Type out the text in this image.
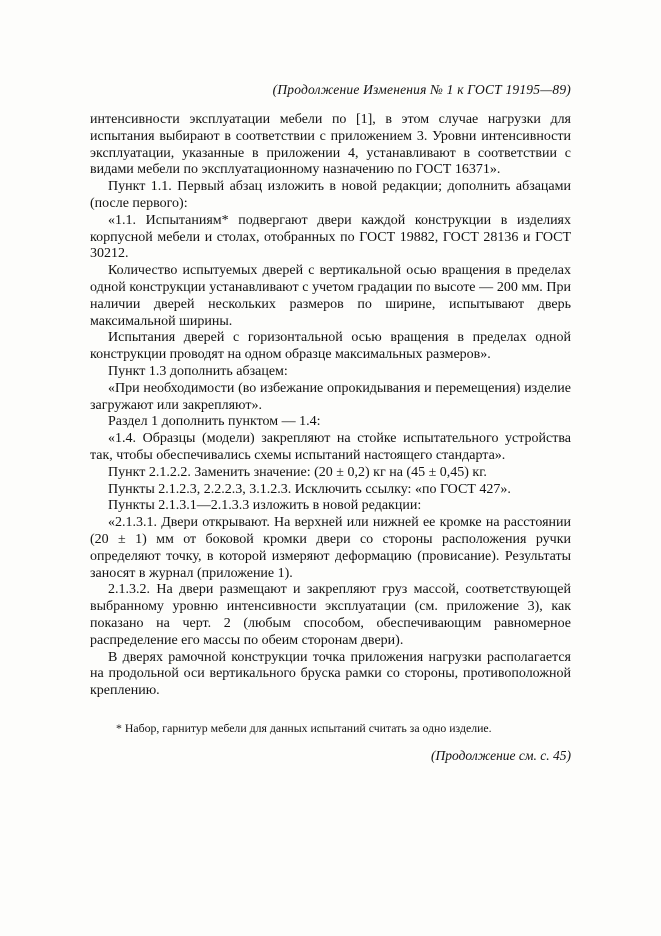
(Продолжение Изменения № 1 к ГОСТ 19195—89)

интенсивности эксплуатации мебели по [1], в этом случае нагрузки для испытания выбирают в соответствии с приложением 3. Уровни интенсивности эксплуатации, указанные в приложении 4, устанавливают в соответствии с видами мебели по эксплуатационному назначению по ГОСТ 16371».

Пункт 1.1. Первый абзац изложить в новой редакции; дополнить абзацами (после первого):

«1.1. Испытаниям* подвергают двери каждой конструкции в изделиях корпусной мебели и столах, отобранных по ГОСТ 19882, ГОСТ 28136 и ГОСТ 30212.

Количество испытуемых дверей с вертикальной осью вращения в пределах одной конструкции устанавливают с учетом градации по высоте — 200 мм. При наличии дверей нескольких размеров по ширине, испытывают дверь максимальной ширины.

Испытания дверей с горизонтальной осью вращения в пределах одной конструкции проводят на одном образце максимальных размеров».

Пункт 1.3 дополнить абзацем:

«При необходимости (во избежание опрокидывания и перемещения) изделие загружают или закрепляют».

Раздел 1 дополнить пунктом — 1.4:

«1.4. Образцы (модели) закрепляют на стойке испытательного устройства так, чтобы обеспечивались схемы испытаний настоящего стандарта».

Пункт 2.1.2.2. Заменить значение: (20 ± 0,2) кг на (45 ± 0,45) кг.

Пункты 2.1.2.3, 2.2.2.3, 3.1.2.3. Исключить ссылку: «по ГОСТ 427».

Пункты 2.1.3.1—2.1.3.3 изложить в новой редакции:

«2.1.3.1. Двери открывают. На верхней или нижней ее кромке на расстоянии (20 ± 1) мм от боковой кромки двери со стороны расположения ручки определяют точку, в которой измеряют деформацию (провисание). Результаты заносят в журнал (приложение 1).

2.1.3.2. На двери размещают и закрепляют груз массой, соответствующей выбранному уровню интенсивности эксплуатации (см. приложение 3), как показано на черт. 2 (любым способом, обеспечивающим равномерное распределение его массы по обеим сторонам двери).

В дверях рамочной конструкции точка приложения нагрузки располагается на продольной оси вертикального бруска рамки со стороны, противоположной креплению.

* Набор, гарнитур мебели для данных испытаний считать за одно изделие.
(Продолжение см. с. 45)
